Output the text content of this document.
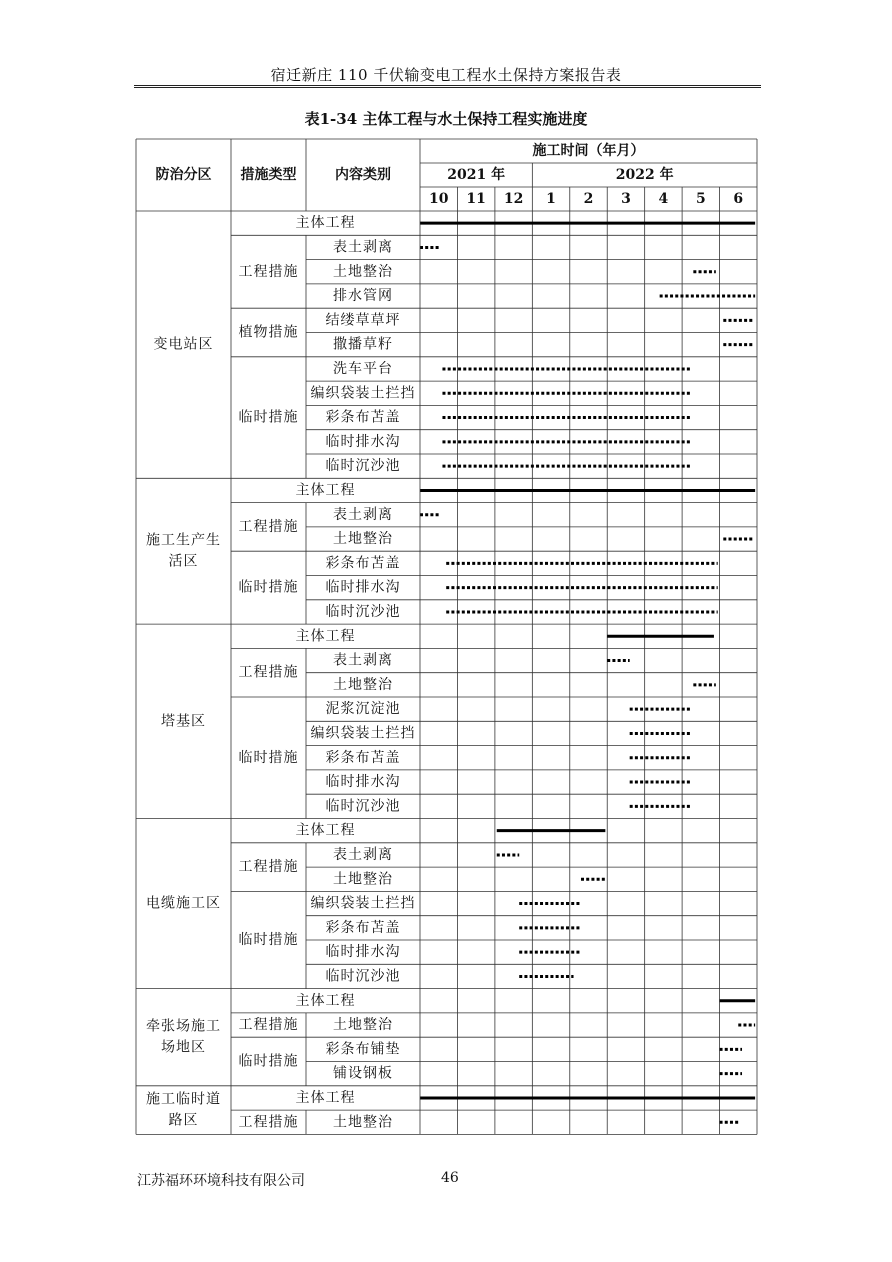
宿迁新庄 110 千伏输变电工程水土保持方案报告表
表1-34 主体工程与水土保持工程实施进度
防治分区 措施类型	内容类别
施工时间（年月）
2021 年
10 11 12
2022 年
1 2 3 4 5 6
主体工程
表土剥离
土地整治
排水管网
工程措施
结缕草草坪
撒播草籽
植物措施
洗车平台
编织袋装土拦挡
彩条布苫盖
临时排水沟
临时沉沙池
临时措施
变电站区
主体工程
表土剥离
土地整治
工程措施
彩条布苫盖
临时排水沟
临时沉沙池
临时措施
施工生产生
活区
主体工程
表土剥离
土地整治
工程措施
泥浆沉淀池
编织袋装土拦挡
彩条布苫盖
临时排水沟
临时沉沙池
临时措施
塔基区
主体工程
表土剥离
土地整治
工程措施
编织袋装土拦挡
彩条布苫盖
临时排水沟
临时沉沙池
临时措施
电缆施工区
主体工程
土地整治
工程措施
彩条布铺垫
铺设钢板
临时措施
牵张场施工
场地区
主体工程
土地整治
工程措施
施工临时道
路区
江苏福环环境科技有限公司	46
